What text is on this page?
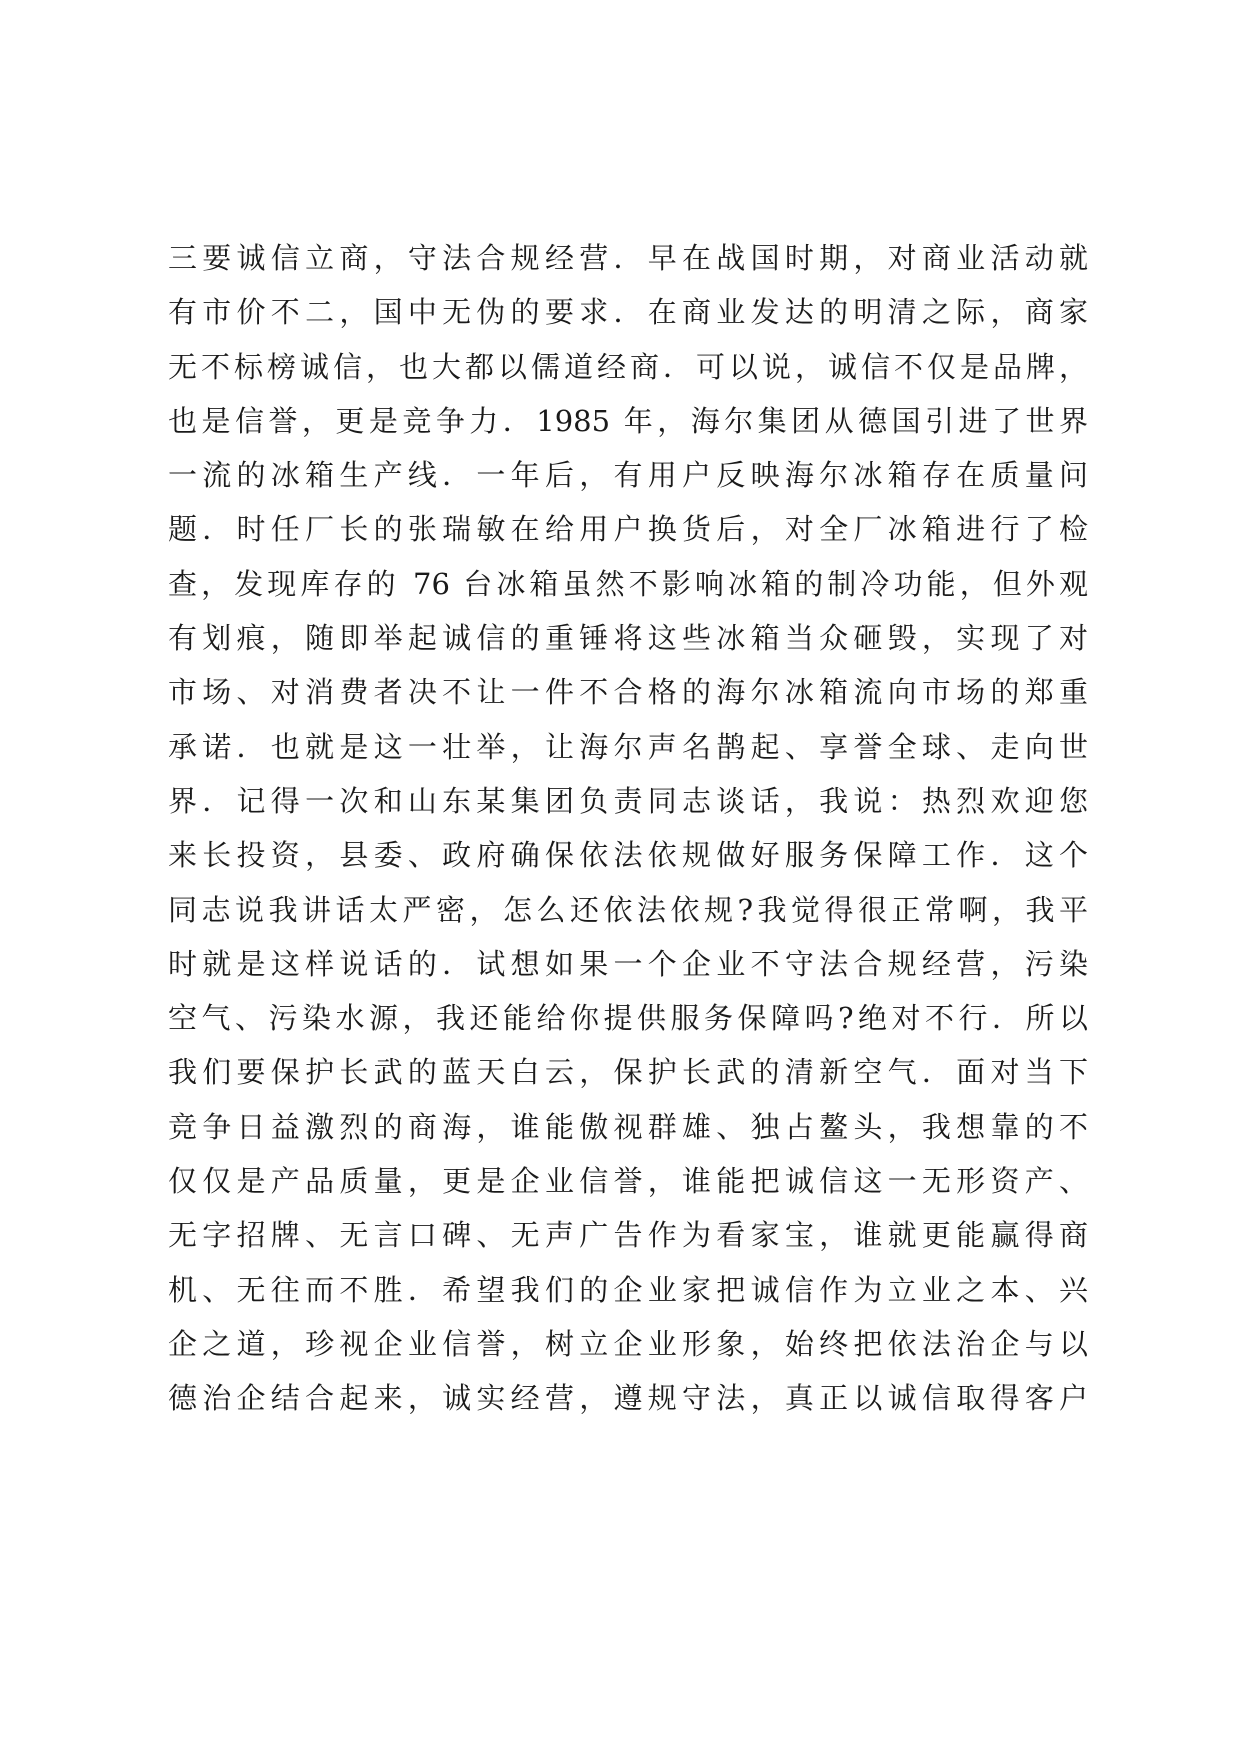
三要诚信立商，守法合规经营．早在战国时期，对商业活动就
有市价不二，国中无伪的要求．在商业发达的明清之际，商家
无不标榜诚信，也大都以儒道经商．可以说，诚信不仅是品牌，
也是信誉，更是竞争力．1985 年，海尔集团从德国引进了世界
一流的冰箱生产线．一年后，有用户反映海尔冰箱存在质量问
题．时任厂长的张瑞敏在给用户换货后，对全厂冰箱进行了检
查，发现库存的 76 台冰箱虽然不影响冰箱的制冷功能，但外观
有划痕，随即举起诚信的重锤将这些冰箱当众砸毁，实现了对
市场、对消费者决不让一件不合格的海尔冰箱流向市场的郑重
承诺．也就是这一壮举，让海尔声名鹊起、享誉全球、走向世
界．记得一次和山东某集团负责同志谈话，我说：热烈欢迎您
来长投资，县委、政府确保依法依规做好服务保障工作．这个
同志说我讲话太严密，怎么还依法依规?我觉得很正常啊，我平
时就是这样说话的．试想如果一个企业不守法合规经营，污染
空气、污染水源，我还能给你提供服务保障吗?绝对不行．所以
我们要保护长武的蓝天白云，保护长武的清新空气．面对当下
竞争日益激烈的商海，谁能傲视群雄、独占鳌头，我想靠的不
仅仅是产品质量，更是企业信誉，谁能把诚信这一无形资产、
无字招牌、无言口碑、无声广告作为看家宝，谁就更能赢得商
机、无往而不胜．希望我们的企业家把诚信作为立业之本、兴
企之道，珍视企业信誉，树立企业形象，始终把依法治企与以
德治企结合起来，诚实经营，遵规守法，真正以诚信取得客户
